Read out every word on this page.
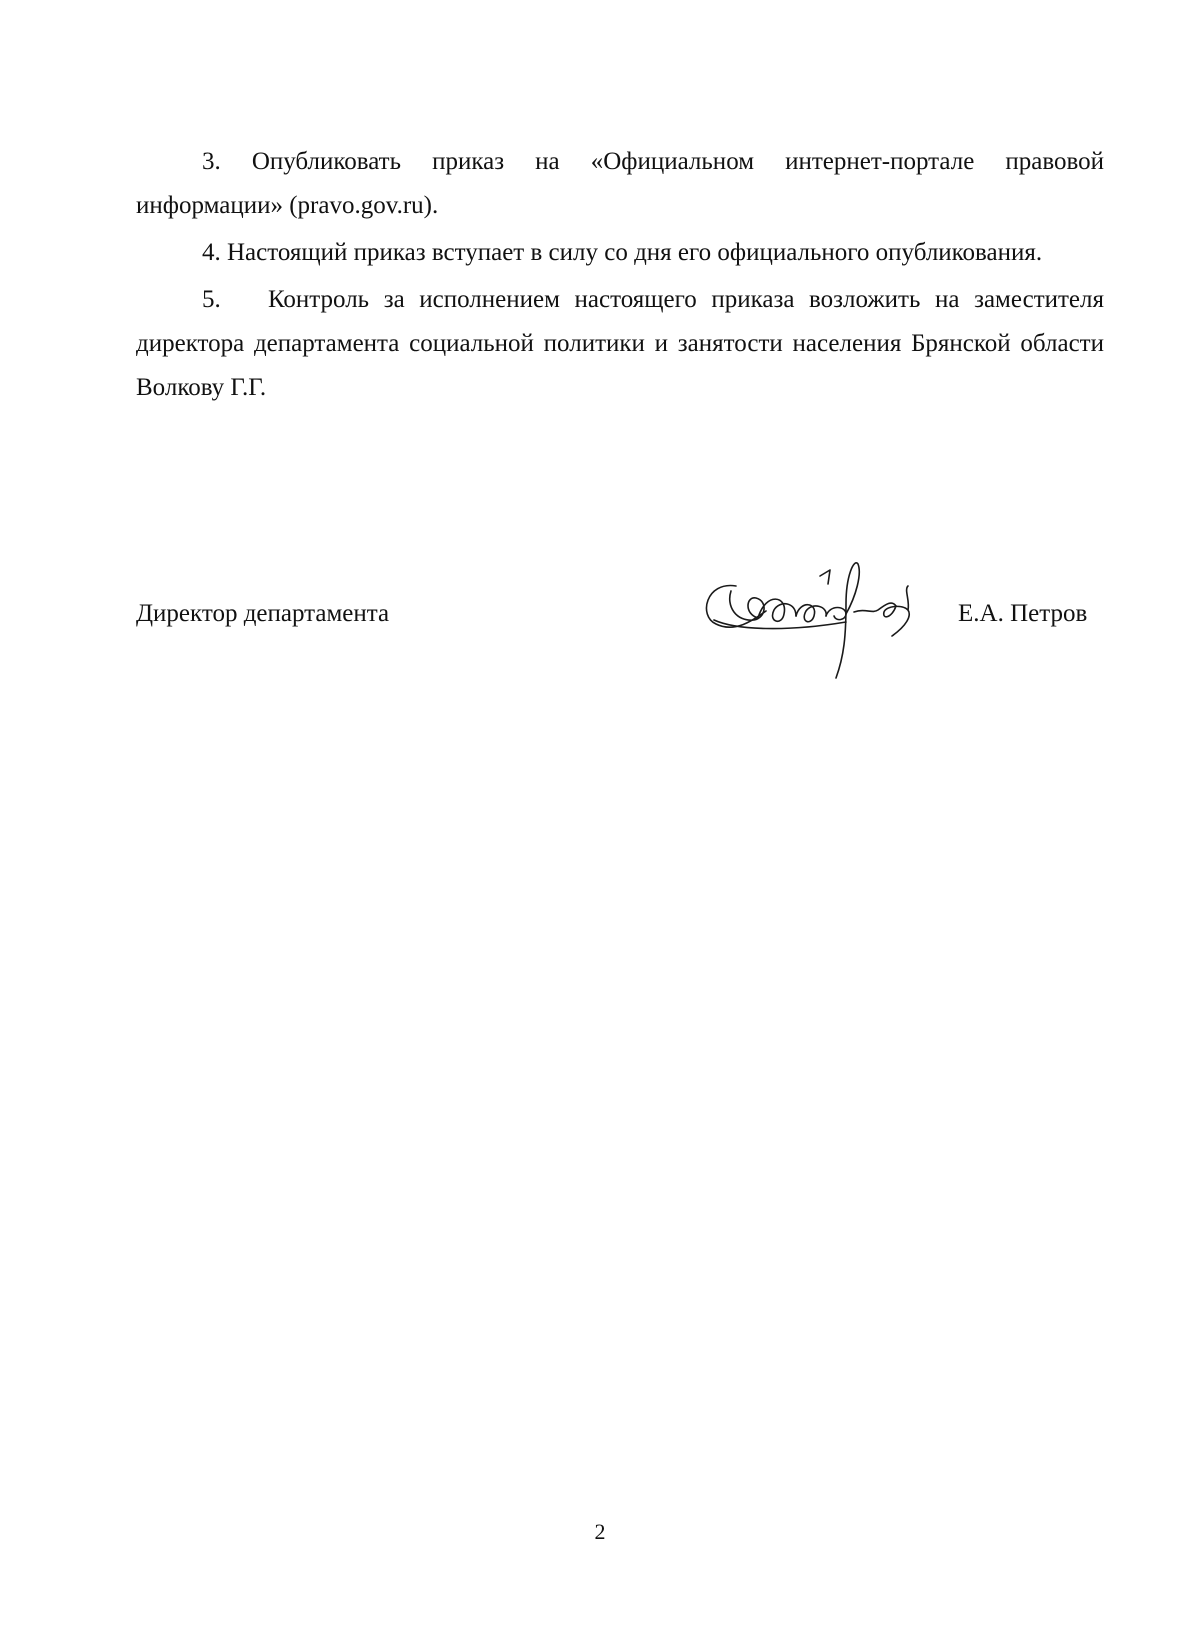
3. Опубликовать приказ на «Официальном интернет-портале правовой информации» (pravo.gov.ru).

4. Настоящий приказ вступает в силу со дня его официального опубликования.

5. Контроль за исполнением настоящего приказа возложить на заместителя директора департамента социальной политики и занятости населения Брянской области Волкову Г.Г.

Директор департамента	Е.А. Петров
2
